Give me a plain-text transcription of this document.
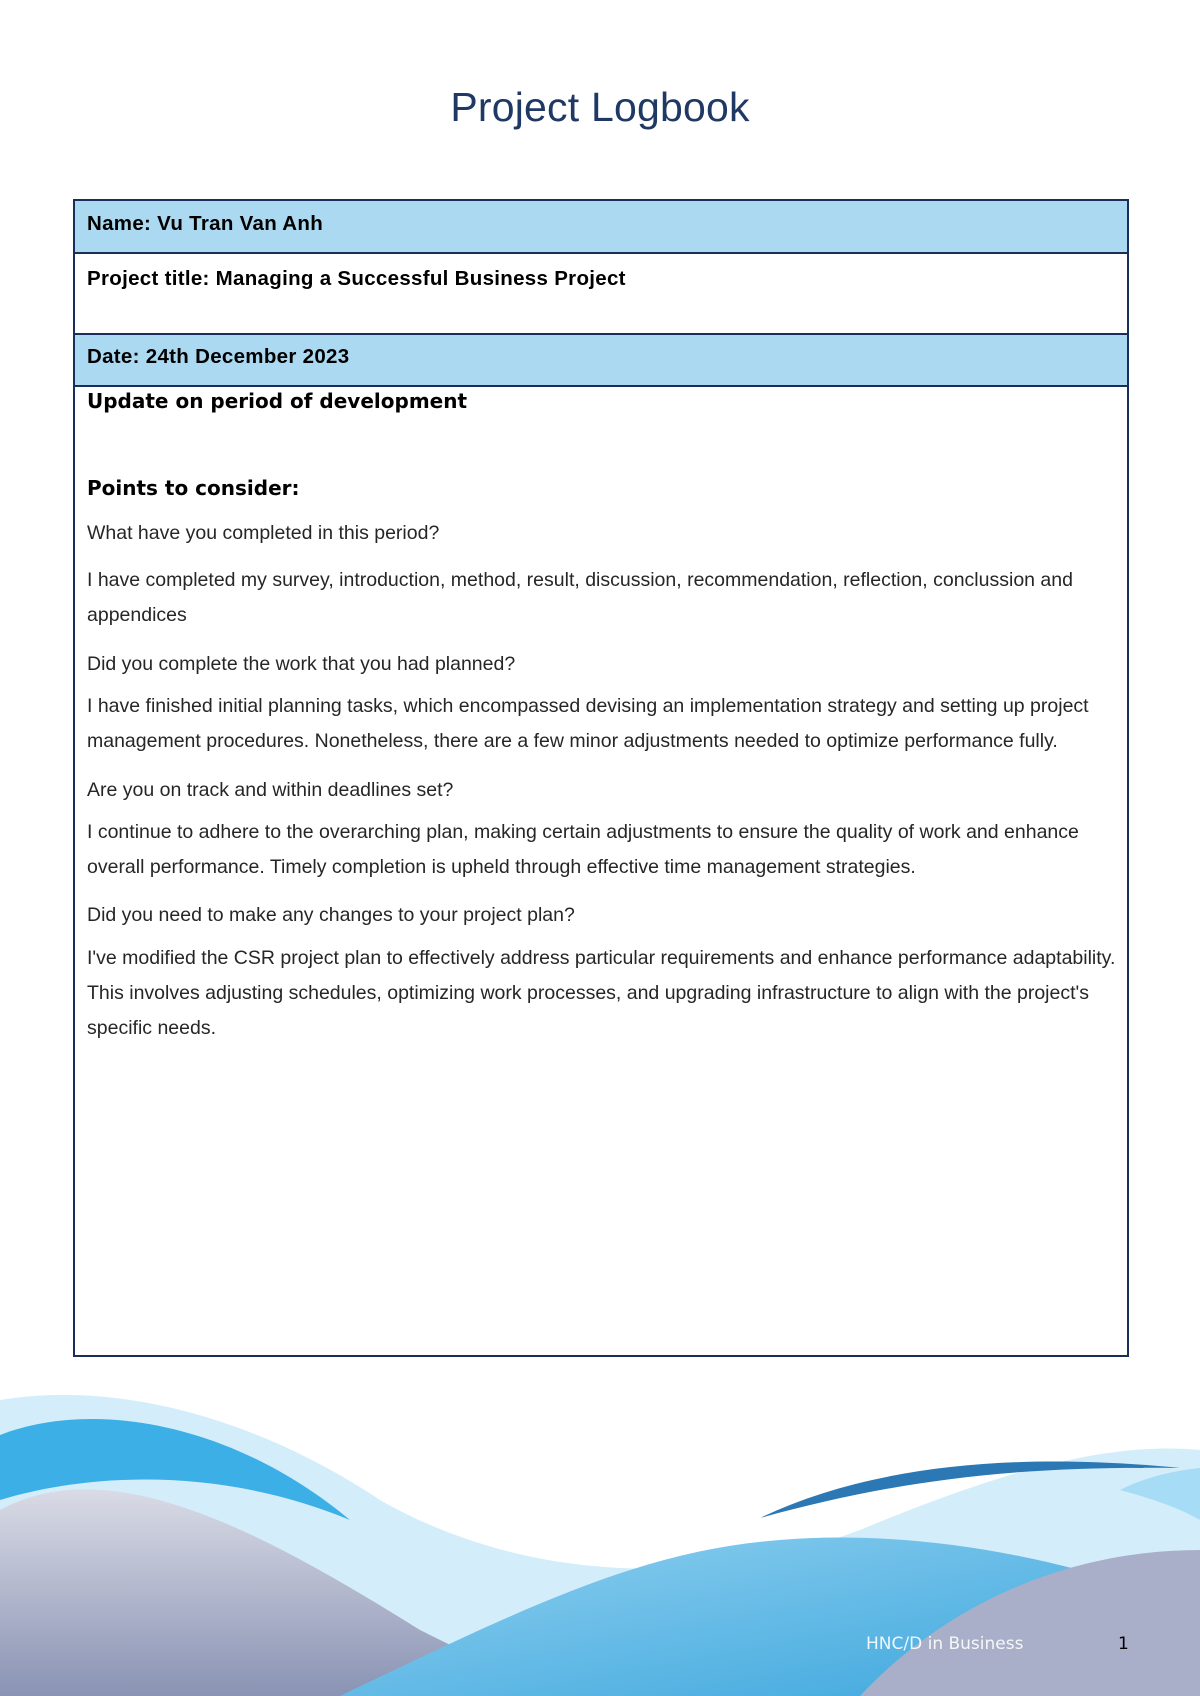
Project Logbook
Name: Vu Tran Van Anh
Project title: Managing a Successful Business Project
Date: 24th December 2023
Update on period of development
Points to consider:
What have you completed in this period?
I have completed my survey, introduction, method, result, discussion, recommendation, reflection, conclussion and appendices
Did you complete the work that you had planned?
I have finished initial planning tasks, which encompassed devising an implementation strategy and setting up project management procedures. Nonetheless, there are a few minor adjustments needed to optimize performance fully.
Are you on track and within deadlines set?
I continue to adhere to the overarching plan, making certain adjustments to ensure the quality of work and enhance overall performance. Timely completion is upheld through effective time management strategies.
Did you need to make any changes to your project plan?
I've modified the CSR project plan to effectively address particular requirements and enhance performance adaptability. This involves adjusting schedules, optimizing work processes, and upgrading infrastructure to align with the project's specific needs.
HNC/D in Business	1
